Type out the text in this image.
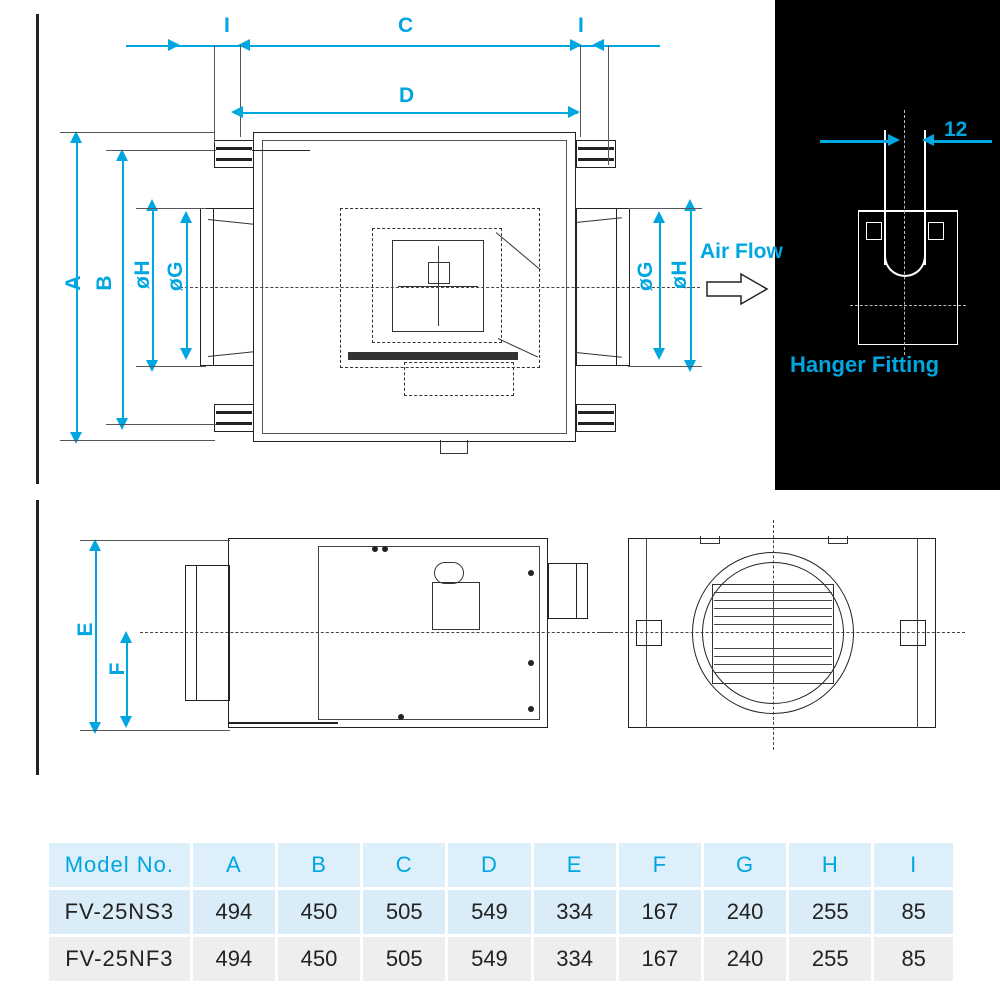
12
Hanger Fitting
C
I	I
D
A B øH øG	øG øH
Air Flow
E
F
Model No.	A	B	C	D	E	F	G	H	I
FV-25NS3	494	450	505	549	334	167	240	255	85
FV-25NF3	494	450	505	549	334	167	240	255	85
